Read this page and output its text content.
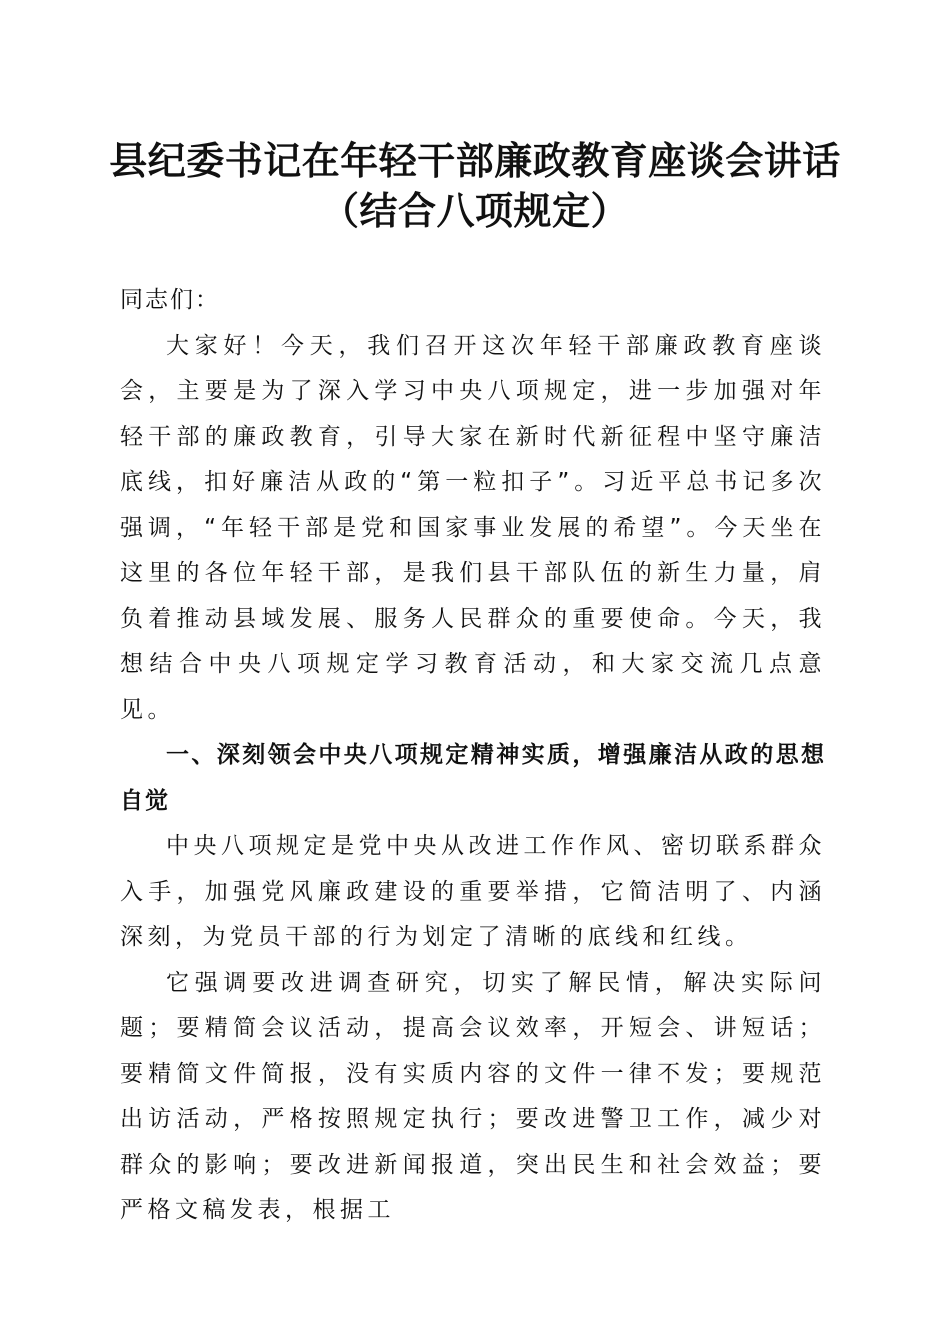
县纪委书记在年轻干部廉政教育座谈会讲话
（结合八项规定）

同志们：

大家好！今天，我们召开这次年轻干部廉政教育座谈会，主要是为了深入学习中央八项规定，进一步加强对年轻干部的廉政教育，引导大家在新时代新征程中坚守廉洁底线，扣好廉洁从政的“第一粒扣子”。习近平总书记多次强调，“年轻干部是党和国家事业发展的希望”。今天坐在这里的各位年轻干部，是我们县干部队伍的新生力量，肩负着推动县域发展、服务人民群众的重要使命。今天，我想结合中央八项规定学习教育活动，和大家交流几点意见。

一、深刻领会中央八项规定精神实质，增强廉洁从政的思想自觉

中央八项规定是党中央从改进工作作风、密切联系群众入手，加强党风廉政建设的重要举措，它简洁明了、内涵深刻，为党员干部的行为划定了清晰的底线和红线。

它强调要改进调查研究，切实了解民情，解决实际问题；要精简会议活动，提高会议效率，开短会、讲短话；要精简文件简报，没有实质内容的文件一律不发；要规范出访活动，严格按照规定执行；要改进警卫工作，减少对群众的影响；要改进新闻报道，突出民生和社会效益；要严格文稿发表，根据工
